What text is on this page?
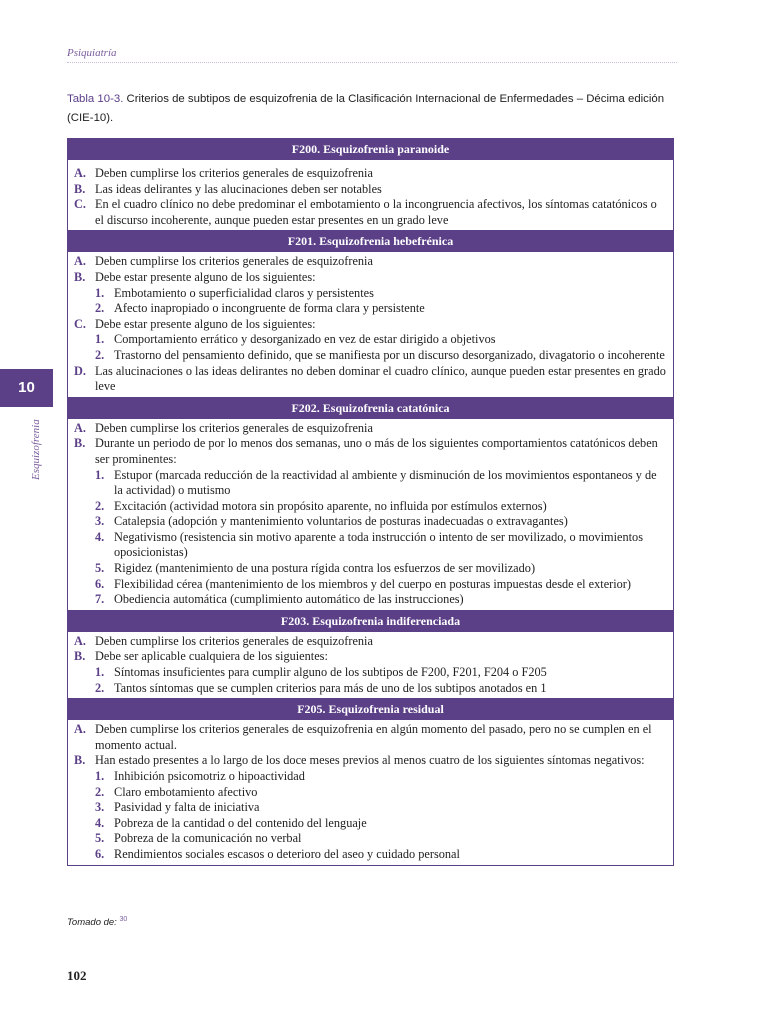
Psiquiatría
Tabla 10-3. Criterios de subtipos de esquizofrenia de la Clasificación Internacional de Enfermedades – Décima edición (CIE-10).
F200. Esquizofrenia paranoide
A. Deben cumplirse los criterios generales de esquizofrenia
B. Las ideas delirantes y las alucinaciones deben ser notables
C. En el cuadro clínico no debe predominar el embotamiento o la incongruencia afectivos, los síntomas catatónicos o el discurso incoherente, aunque pueden estar presentes en un grado leve
F201. Esquizofrenia hebefrénica
A. Deben cumplirse los criterios generales de esquizofrenia
B. Debe estar presente alguno de los siguientes:
1. Embotamiento o superficialidad claros y persistentes
2. Afecto inapropiado o incongruente de forma clara y persistente
C. Debe estar presente alguno de los siguientes:
1. Comportamiento errático y desorganizado en vez de estar dirigido a objetivos
2. Trastorno del pensamiento definido, que se manifiesta por un discurso desorganizado, divagatorio o incoherente
D. Las alucinaciones o las ideas delirantes no deben dominar el cuadro clínico, aunque pueden estar presentes en grado leve
F202. Esquizofrenia catatónica
A. Deben cumplirse los criterios generales de esquizofrenia
B. Durante un periodo de por lo menos dos semanas, uno o más de los siguientes comportamientos catatónicos deben ser prominentes:
1. Estupor (marcada reducción de la reactividad al ambiente y disminución de los movimientos espontaneos y de la actividad) o mutismo
2. Excitación (actividad motora sin propósito aparente, no influida por estímulos externos)
3. Catalepsia (adopción y mantenimiento voluntarios de posturas inadecuadas o extravagantes)
4. Negativismo (resistencia sin motivo aparente a toda instrucción o intento de ser movilizado, o movimientos oposicionistas)
5. Rigidez (mantenimiento de una postura rígida contra los esfuerzos de ser movilizado)
6. Flexibilidad cérea (mantenimiento de los miembros y del cuerpo en posturas impuestas desde el exterior)
7. Obediencia automática (cumplimiento automático de las instrucciones)
F203. Esquizofrenia indiferenciada
A. Deben cumplirse los criterios generales de esquizofrenia
B. Debe ser aplicable cualquiera de los siguientes:
1. Síntomas insuficientes para cumplir alguno de los subtipos de F200, F201, F204 o F205
2. Tantos síntomas que se cumplen criterios para más de uno de los subtipos anotados en 1
F205. Esquizofrenia residual
A. Deben cumplirse los criterios generales de esquizofrenia en algún momento del pasado, pero no se cumplen en el momento actual.
B. Han estado presentes a lo largo de los doce meses previos al menos cuatro de los siguientes síntomas negativos:
1. Inhibición psicomotriz o hipoactividad
2. Claro embotamiento afectivo
3. Pasividad y falta de iniciativa
4. Pobreza de la cantidad o del contenido del lenguaje
5. Pobreza de la comunicación no verbal
6. Rendimientos sociales escasos o deterioro del aseo y cuidado personal
10
Esquizofrenia
Tomado de: $^{30}$
102
